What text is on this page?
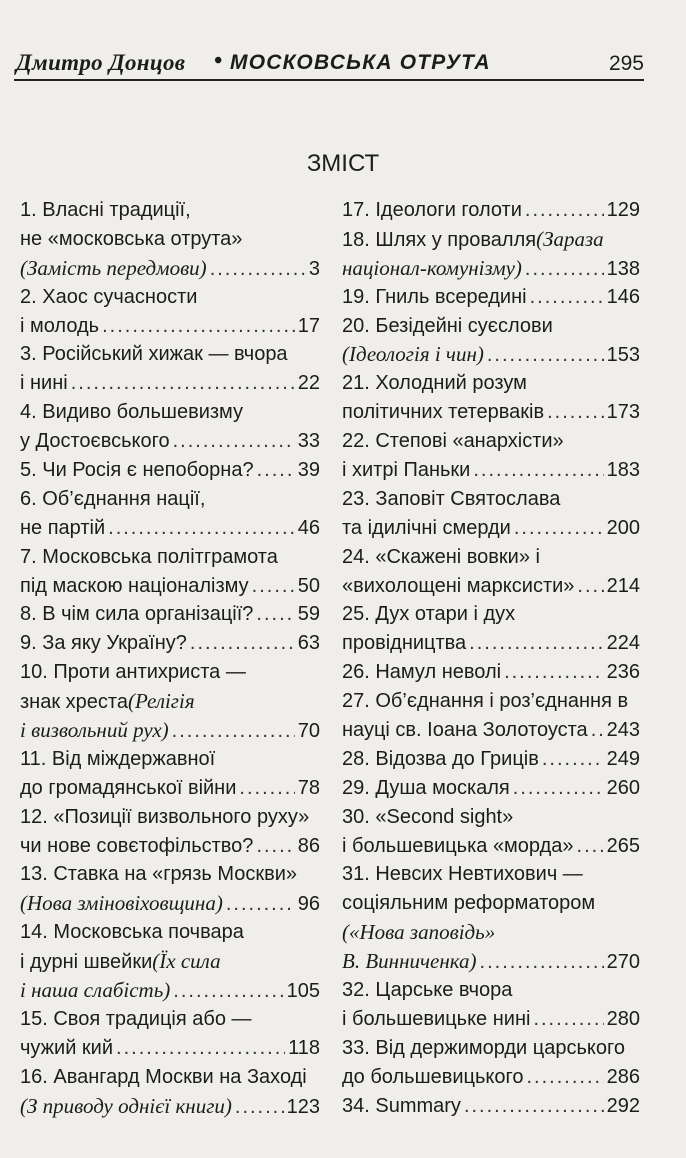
Дмитро Донцов • МОСКОВСЬКА ОТРУТА	295
ЗМІСТ
1. Власні традиції,
не «московська отрута»
(Замість передмови) .....	3
2. Хаос сучасности
і молодь .....	17
3. Російський хижак — вчора
і нині .....	22
4. Видиво большевизму
у Достоєвського .....	33
5. Чи Росія є непоборна? ..... 39
6. Об’єднання нації,
не партій .....	46
7. Московська політграмота
під маскою націоналізму ..... 50
8. В чім сила організації? ..... 59
9. За яку Україну? .....	63
10. Проти антихриста —
знак хреста (Релігія
і визвольний рух) .....	70
11. Від міждержавної
до громадянської війни .....	78
12. «Позиції визвольного руху»
чи нове совєтофільство? ..... 86
13. Ставка на «грязь Москви»
(Нова зміновіховщина) .....	96
14. Московська почвара
і дурні швейки (Їх сила
і наша слабість) .....	105
15. Своя традиція або —
чужий кий .....	118
16. Авангард Москви на Заході
(З приводу однієї книги) .....	123
17. Ідеологи голоти .....	129
18. Шлях у провалля (Зараза
націонал-комунізму) .....	138
19. Гниль всередині .....	146
20. Безідейні суєслови
(Ідеологія і чин) .....	153
21. Холодний розум
політичних тетерваків .....	173
22. Степові «анархісти»
і хитрі Паньки .....	183
23. Заповіт Святослава
та ідилічні смерди .....	200
24. «Скажені вовки» і
«вихолощені марксисти» ..... 214
25. Дух отари і дух
провідництва .....	224
26. Намул неволі .....	236
27. Об’єднання і роз’єднання в
науці св. Іоана Золотоуста ..... 243
28. Відозва до Гриців .....	249
29. Душа москаля .....	260
30. «Second sight»
і большевицька «морда» ..... 265
31. Невсих Невтихович —
соціяльним реформатором
(«Нова заповідь»
В. Винниченка) .....	270
32. Царське вчора
і большевицьке нині .....	280
33. Від держиморди царського
до большевицького .....	286
34. Summary .....	292
